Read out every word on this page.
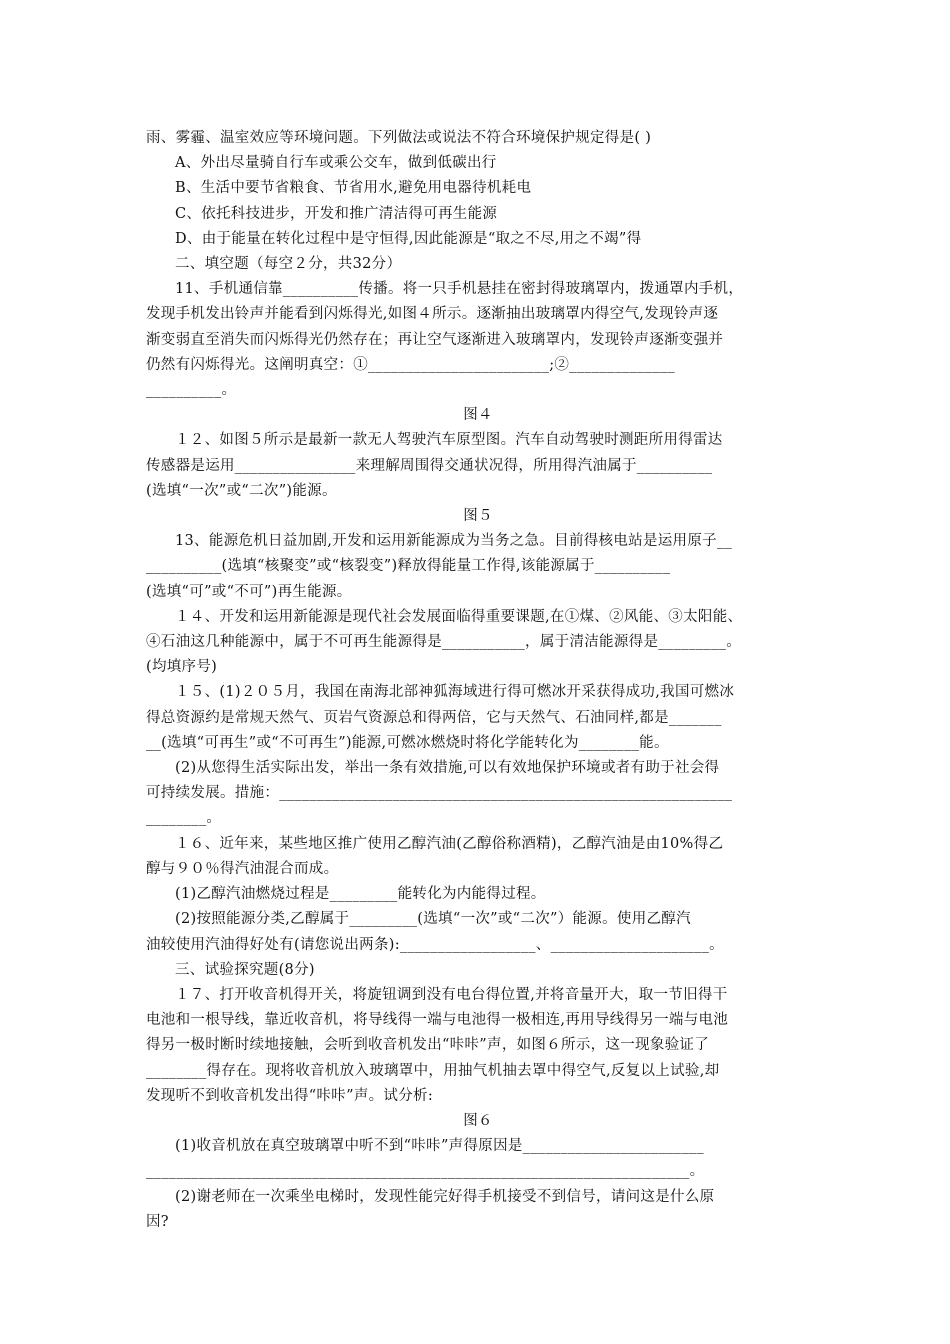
雨、雾霾、温室效应等环境问题。下列做法或说法不符合环境保护规定得是( )

A、外出尽量骑自行车或乘公交车，做到低碳出行

B、生活中要节省粮食、节省用水,避免用电器待机耗电

C、依托科技进步，开发和推广清洁得可再生能源

D、由于能量在转化过程中是守恒得,因此能源是“取之不尽,用之不竭”得

二、填空题（每空２分，共32分）

11、手机通信靠__________传播。将一只手机悬挂在密封得玻璃罩内，拨通罩内手机，

发现手机发出铃声并能看到闪烁得光,如图４所示。逐渐抽出玻璃罩内得空气,发现铃声逐

渐变弱直至消失而闪烁得光仍然存在；再让空气逐渐进入玻璃罩内，发现铃声逐渐变强并

仍然有闪烁得光。这阐明真空：①________________________;②______________

__________。

图４

１２、如图５所示是最新一款无人驾驶汽车原型图。汽车自动驾驶时测距所用得雷达

传感器是运用________________来理解周围得交通状况得，所用得汽油属于__________

(选填“一次”或“二次”)能源。

图５

13、能源危机日益加剧,开发和运用新能源成为当务之急。目前得核电站是运用原子__

__________(选填“核聚变”或“核裂变”)释放得能量工作得,该能源属于__________

(选填“可”或“不可”)再生能源。

１４、开发和运用新能源是现代社会发展面临得重要课题,在①煤、②风能、③太阳能、

④石油这几种能源中，属于不可再生能源得是___________，属于清洁能源得是_________。

(均填序号)

１５、(1)２０５月，我国在南海北部神狐海域进行得可燃冰开采获得成功,我国可燃冰

得总资源约是常规天然气、页岩气资源总和得两倍，它与天然气、石油同样,都是_______

__(选填“可再生”或“不可再生”)能源,可燃冰燃烧时将化学能转化为________能。

(2)从您得生活实际出发，举出一条有效措施,可以有效地保护环境或者有助于社会得

可持续发展。措施：____________________________________________________________

________。

１６、近年来，某些地区推广使用乙醇汽油(乙醇俗称酒精)，乙醇汽油是由10%得乙

醇与９０％得汽油混合而成。

(1)乙醇汽油燃烧过程是_________能转化为内能得过程。

(2)按照能源分类,乙醇属于_________(选填“一次”或“二次”）能源。使用乙醇汽

油较使用汽油得好处有(请您说出两条):__________________、_____________________。

三、试验探究题(8分)

１７、打开收音机得开关，将旋钮调到没有电台得位置,并将音量开大，取一节旧得干

电池和一根导线，靠近收音机，将导线得一端与电池得一极相连,再用导线得另一端与电池

得另一极时断时续地接触，会听到收音机发出“咔咔”声，如图６所示，这一现象验证了

________得存在。现将收音机放入玻璃罩中，用抽气机抽去罩中得空气,反复以上试验,却

发现听不到收音机发出得“咔咔”声。试分析:

图６

(1)收音机放在真空玻璃罩中听不到“咔咔”声得原因是________________________

________________________________________________________________________。

(2)谢老师在一次乘坐电梯时，发现性能完好得手机接受不到信号，请问这是什么原

因?
